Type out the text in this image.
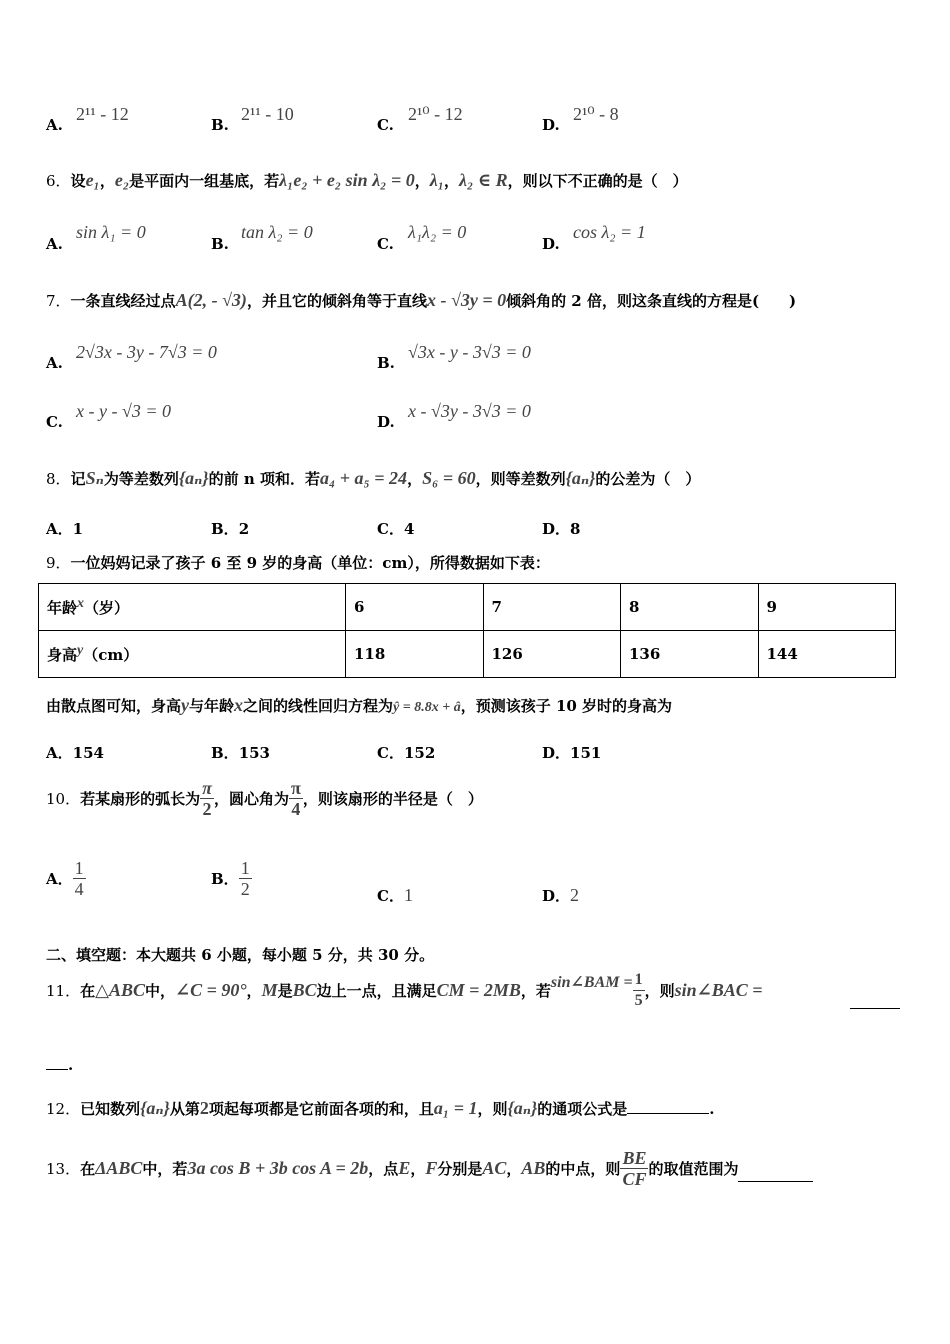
A.
2¹¹ - 12
B.
2¹¹ - 10
C.
2¹⁰ - 12
D.
2¹⁰ - 8
6．设e₁，e₂是平面内一组基底，若λ₁e₂ + e₂ sin λ₂ = 0，λ₁，λ₂ ∈ R，则以下不正确的是（　）
A.
sin λ₁ = 0
B.
tan λ₂ = 0
C.
λ₁λ₂ = 0
D.
cos λ₂ = 1
7．一条直线经过点A(2, - √3)，并且它的倾斜角等于直线x - √3y = 0倾斜角的 2 倍，则这条直线的方程是(　　)
A.
2√3x - 3y - 7√3 = 0
B.
√3x - y - 3√3 = 0
C.
x - y - √3 = 0
D.
x - √3y - 3√3 = 0
8．记Sₙ为等差数列{aₙ}的前 n 项和．若a₄ + a₅ = 24，S₆ = 60，则等差数列{aₙ}的公差为（　）
A．1	B．2	C．4	D．8
9．一位妈妈记录了孩子 6 至 9 岁的身高（单位：cm），所得数据如下表：
年龄x（岁）	6	7	8	9
身高y（cm）	118	126	136	144
由散点图可知，身高y与年龄x之间的线性回归方程为ŷ = 8.8x + â，预测该孩子 10 岁时的身高为
A．154	B．153	C．152	D．151
10． 若某扇形的弧长为 $\frac{\pi}{2}$ ，圆心角为 $\frac{\pi}{4}$ ，则该扇形的半径是（　）
A． $\frac{1}{4}$	B． $\frac{1}{2}$	C．1	D．2
二、填空题：本大题共 6 小题，每小题 5 分，共 30 分。
11． 在 △ABC 中， ∠C = 90° ， M 是 BC 边上一点，且满足 CM = 2MB ，若 sin∠BAM = $\frac{1}{5}$ ，则 sin∠BAC =
.
12．已知数列{aₙ}从第2项起每项都是它前面各项的和，且a₁ = 1，则{aₙ}的通项公式是	.
13． 在 ΔABC 中，若 3a cos B + 3b cos A = 2b ，点 E ， F 分别是 AC ， AB 的中点，则 $\frac{BE}{CF}$ 的取值范围为
